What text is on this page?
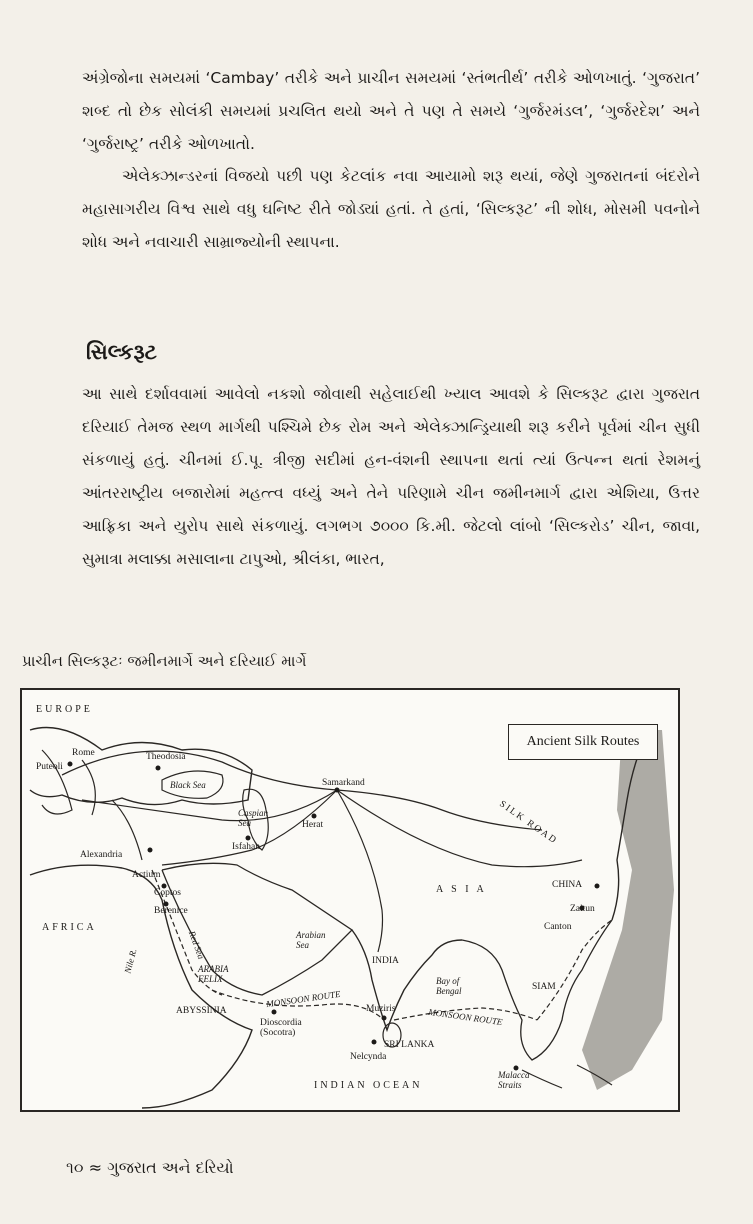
અંગ્રેજોના સમયમાં ‘Cambay’ તરીકે અને પ્રાચીન સમયમાં ‘સ્તંભતીર્થ’ તરીકે ઓળખાતું. ‘ગુજરાત’ શબ્દ તો છેક સોલંકી સમયમાં પ્રચલિત થયો અને તે પણ તે સમયે ‘ગુર્જરમંડલ’, ‘ગુર્જરદેશ’ અને ‘ગુર્જરાષ્ટ્ર’ તરીકે ઓળખાતો.

એલેક્ઝાન્ડરનાં વિજયો પછી પણ કેટલાંક નવા આયામો શરૂ થયાં, જેણે ગુજરાતનાં બંદરોને મહાસાગરીય વિશ્વ સાથે વધુ ઘનિષ્ટ રીતે જોડ્યાં હતાં. તે હતાં, ‘સિલ્કરૂટ’ ની શોધ, મોસમી પવનોને શોધ અને નવાચારી સામ્રાજ્યોની સ્થાપના.

સિલ્કરૂટ

આ સાથે દર્શાવવામાં આવેલો નકશો જોવાથી સહેલાઈથી ખ્યાલ આવશે કે સિલ્કરૂટ દ્વારા ગુજરાત દરિયાઈ તેમજ સ્થળ માર્ગથી પશ્ચિમે છેક રોમ અને એલેક્ઝાન્ડ્રિયાથી શરૂ કરીને પૂર્વમાં ચીન સુધી સંકળાયું હતું. ચીનમાં ઈ.પૂ. ત્રીજી સદીમાં હન-વંશની સ્થાપના થતાં ત્યાં ઉત્પન્ન થતાં રેશમનું આંતરરાષ્ટ્રીય બજારોમાં મહત્ત્વ વધ્યું અને તેને પરિણામે ચીન જમીનમાર્ગ દ્વારા એશિયા, ઉત્તર આફ્રિકા અને યુરોપ સાથે સંકળાયું. લગભગ ૭૦૦૦ કિ.મી. જેટલો લાંબો ‘સિલ્કરોડ’ ચીન, જાવા, સુમાત્રા મલાક્કા મસાલાના ટાપુઓ, શ્રીલંકા, ભારત,

પ્રાચીન સિલ્કરૂટઃ જમીનમાર્ગે અને દરિયાઈ માર્ગે

Ancient Silk Routes
EUROPE
Rome
Puteoli
Theodosia
Black Sea
Caspian Sea
Samarkand
Herat	SILK ROAD
Isfahan
Alexandria
Actium
Coptos
Berenice
A S I A	CHINA
Zaitun
Canton
AFRICA
Red Sea
Nile R.	ARABIA FELIX
Arabian Sea
INDIA
Bay of Bengal	SIAM
MONSOON ROUTE
MONSOON ROUTE
ABYSSINIA
Dioscordia (Socotra)
Muziris
SRI LANKA
Nelcynda
INDIAN OCEAN
Malacca Straits

૧૦ ≈ ગુજરાત અને દરિયો
